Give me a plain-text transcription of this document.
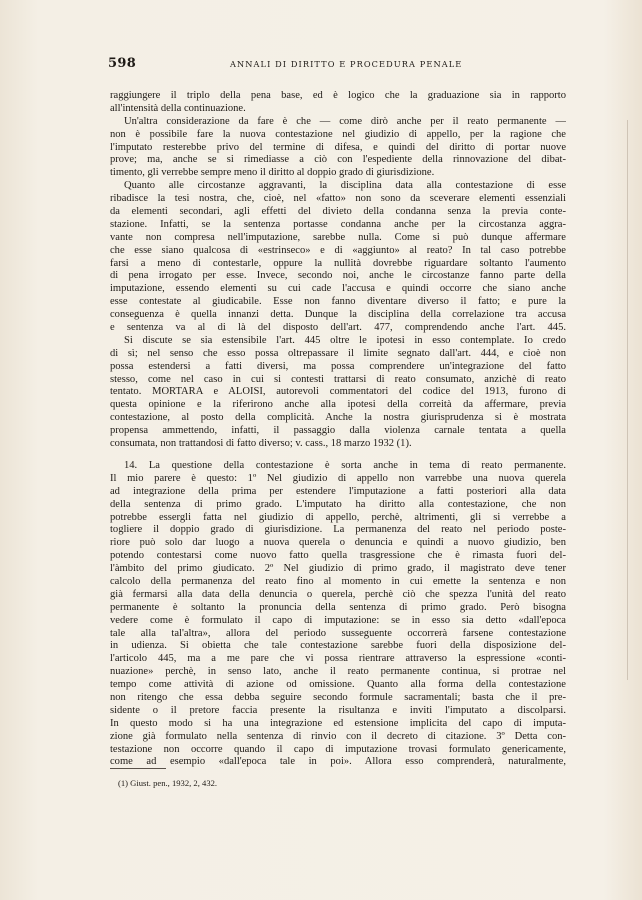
598	ANNALI DI DIRITTO E PROCEDURA PENALE
raggiungere il triplo della pena base, ed è logico che la graduazione sia in rapporto
all'intensità della continuazione.
Un'altra considerazione da fare è che — come dirò anche per il reato permanente —
non è possibile fare la nuova contestazione nel giudizio di appello, per la ragione che
l'imputato resterebbe privo del termine di difesa, e quindi del diritto di portar nuove
prove; ma, anche se si rimediasse a ciò con l'espediente della rinnovazione del dibat-
timento, gli verrebbe sempre meno il diritto al doppio grado di giurisdizione.
Quanto alle circostanze aggravanti, la disciplina data alla contestazione di esse
ribadisce la tesi nostra, che, cioè, nel «fatto» non sono da sceverare elementi essenziali
da elementi secondari, agli effetti del divieto della condanna senza la previa conte-
stazione. Infatti, se la sentenza portasse condanna anche per la circostanza aggra-
vante non compresa nell'imputazione, sarebbe nulla. Come si può dunque affermare
che esse siano qualcosa di «estrinseco» e di «aggiunto» al reato? In tal caso potrebbe
farsi a meno di contestarle, oppure la nullità dovrebbe riguardare soltanto l'aumento
di pena irrogato per esse. Invece, secondo noi, anche le circostanze fanno parte della
imputazione, essendo elementi su cui cade l'accusa e quindi occorre che siano anche
esse contestate al giudicabile. Esse non fanno diventare diverso il fatto; e pure la
conseguenza è quella innanzi detta. Dunque la disciplina della correlazione tra accusa
e sentenza va al di là del disposto dell'art. 477, comprendendo anche l'art. 445.
Si discute se sia estensibile l'art. 445 oltre le ipotesi in esso contemplate. Io credo
di sì; nel senso che esso possa oltrepassare il limite segnato dall'art. 444, e cioè non
possa estendersi a fatti diversi, ma possa comprendere un'integrazione del fatto
stesso, come nel caso in cui si contesti trattarsi di reato consumato, anzichè di reato
tentato. MORTARA e ALOISI, autorevoli commentatori del codice del 1913, furono di
questa opinione e la riferirono anche alla ipotesi della correità da affermare, previa
contestazione, al posto della complicità. Anche la nostra giurisprudenza si è mostrata
propensa ammettendo, infatti, il passaggio dalla violenza carnale tentata a quella
consumata, non trattandosi di fatto diverso; v. cass., 18 marzo 1932 (1).
14. La questione della contestazione è sorta anche in tema di reato permanente.
Il mio parere è questo: 1º Nel giudizio di appello non varrebbe una nuova querela
ad integrazione della prima per estendere l'imputazione a fatti posteriori alla data
della sentenza di primo grado. L'imputato ha diritto alla contestazione, che non
potrebbe essergli fatta nel giudizio di appello, perchè, altrimenti, gli si verrebbe a
togliere il doppio grado di giurisdizione. La permanenza del reato nel periodo poste-
riore può solo dar luogo a nuova querela o denuncia e quindi a nuovo giudizio, ben
potendo contestarsi come nuovo fatto quella trasgressione che è rimasta fuori del-
l'àmbito del primo giudicato. 2º Nel giudizio di primo grado, il magistrato deve tener
calcolo della permanenza del reato fino al momento in cui emette la sentenza e non
già fermarsi alla data della denuncia o querela, perchè ciò che spezza l'unità del reato
permanente è soltanto la pronuncia della sentenza di primo grado. Però bisogna
vedere come è formulato il capo di imputazione: se in esso sia detto «dall'epoca
tale alla tal'altra», allora del periodo susseguente occorrerà farsene contestazione
in udienza. Si obietta che tale contestazione sarebbe fuori della disposizione del-
l'articolo 445, ma a me pare che vi possa rientrare attraverso la espressione «conti-
nuazione» perchè, in senso lato, anche il reato permanente continua, si protrae nel
tempo come attività di azione od omissione. Quanto alla forma della contestazione
non ritengo che essa debba seguire secondo formule sacramentali; basta che il pre-
sidente o il pretore faccia presente la risultanza e inviti l'imputato a discolparsi.
In questo modo si ha una integrazione ed estensione implicita del capo di imputa-
zione già formulato nella sentenza di rinvio con il decreto di citazione. 3º Detta con-
testazione non occorre quando il capo di imputazione trovasi formulato genericamente,
come ad esempio «dall'epoca tale in poi». Allora esso comprenderà, naturalmente,
(1) Giust. pen., 1932, 2, 432.
